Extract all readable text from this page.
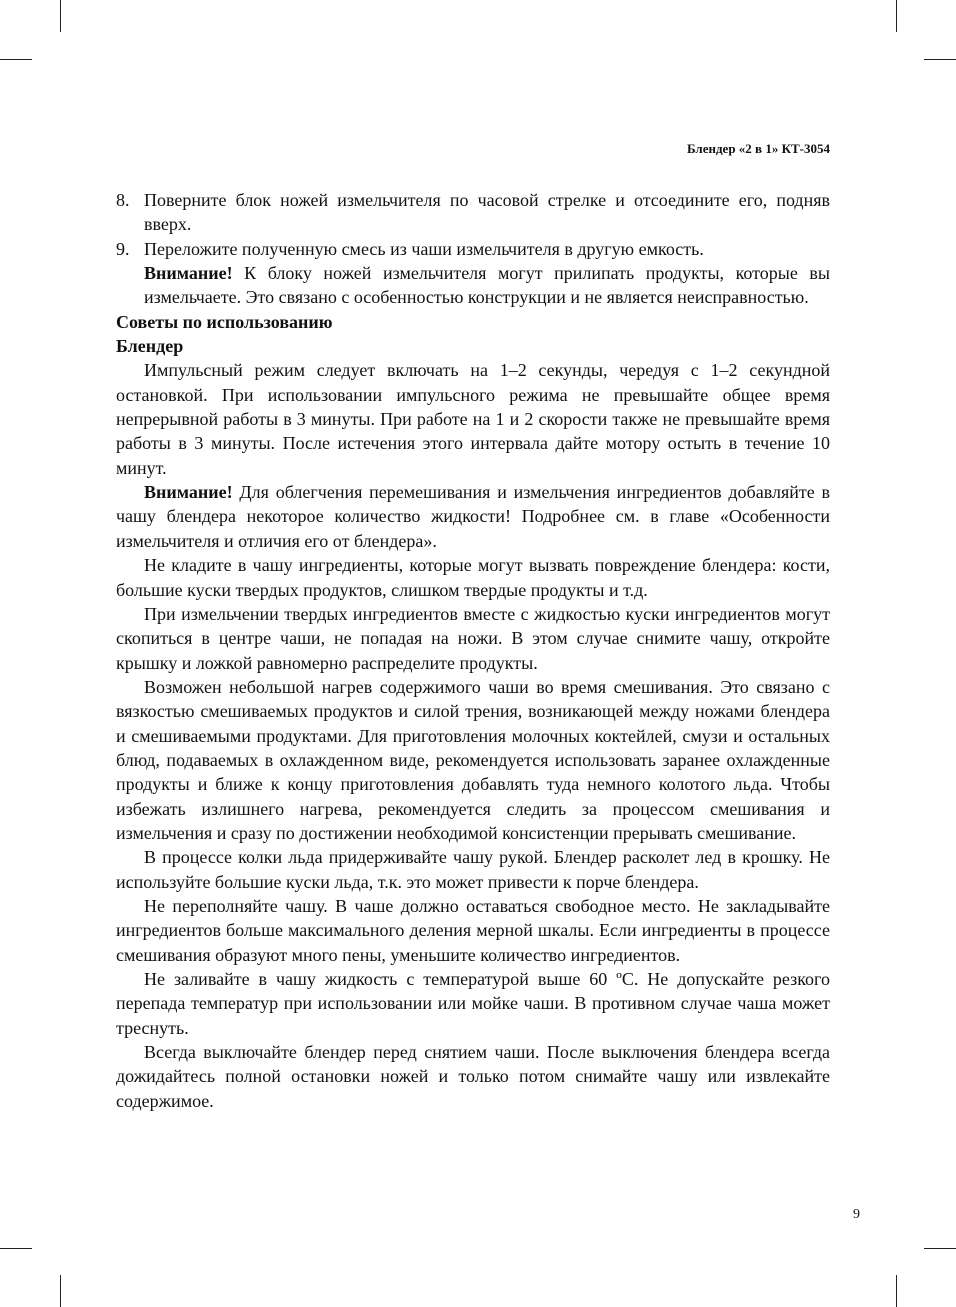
Блендер «2 в 1» КТ-3054
8. Поверните блок ножей измельчителя по часовой стрелке и отсоедините его, подняв вверх.

9. Переложите полученную смесь из чаши измельчителя в другую емкость.

Внимание! К блоку ножей измельчителя могут прилипать продукты, которые вы измельчаете. Это связано с особенностью конструкции и не является неисправностью.

Советы по использованию

Блендер

Импульсный режим следует включать на 1–2 секунды, чередуя с 1–2 секундной остановкой. При использовании импульсного режима не превышайте общее время непрерывной работы в 3 минуты. При работе на 1 и 2 скорости также не превышайте время работы в 3 минуты. После истечения этого интервала дайте мотору остыть в течение 10 минут.

Внимание! Для облегчения перемешивания и измельчения ингредиентов добавляйте в чашу блендера некоторое количество жидкости! Подробнее см. в главе «Особенности измельчителя и отличия его от блендера».

Не кладите в чашу ингредиенты, которые могут вызвать повреждение блендера: кости, большие куски твердых продуктов, слишком твердые продукты и т.д.

При измельчении твердых ингредиентов вместе с жидкостью куски ингредиентов могут скопиться в центре чаши, не попадая на ножи. В этом случае снимите чашу, откройте крышку и ложкой равномерно распределите продукты.

Возможен небольшой нагрев содержимого чаши во время смешивания. Это связано с вязкостью смешиваемых продуктов и силой трения, возникающей между ножами блендера и смешиваемыми продуктами. Для приготовления молочных коктейлей, смузи и остальных блюд, подаваемых в охлажденном виде, рекомендуется использовать заранее охлажденные продукты и ближе к концу приготовления добавлять туда немного колотого льда. Чтобы избежать излишнего нагрева, рекомендуется следить за процессом смешивания и измельчения и сразу по достижении необходимой консистенции прерывать смешивание.

В процессе колки льда придерживайте чашу рукой. Блендер расколет лед в крошку. Не используйте большие куски льда, т.к. это может привести к порче блендера.

Не переполняйте чашу. В чаше должно оставаться свободное место. Не закладывайте ингредиентов больше максимального деления мерной шкалы. Если ингредиенты в процессе смешивания образуют много пены, уменьшите количество ингредиентов.

Не заливайте в чашу жидкость с температурой выше 60 ºС. Не допускайте резкого перепада температур при использовании или мойке чаши. В противном случае чаша может треснуть.

Всегда выключайте блендер перед снятием чаши. После выключения блендера всегда дожидайтесь полной остановки ножей и только потом снимайте чашу или извлекайте содержимое.

9
